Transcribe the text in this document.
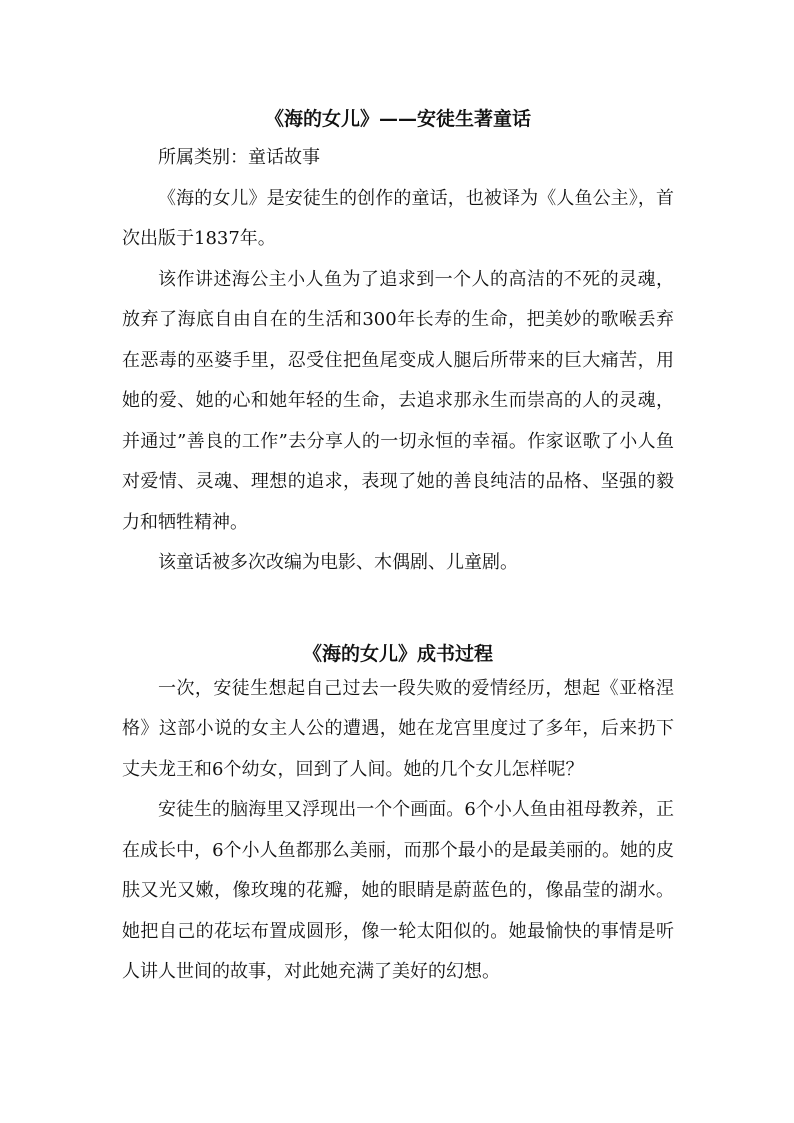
《海的女儿》——安徒生著童话

所属类别：童话故事

《海的女儿》是安徒生的创作的童话，也被译为《人鱼公主》，首次出版于1837年。

该作讲述海公主小人鱼为了追求到一个人的高洁的不死的灵魂，放弃了海底自由自在的生活和300年长寿的生命，把美妙的歌喉丢弃在恶毒的巫婆手里，忍受住把鱼尾变成人腿后所带来的巨大痛苦，用她的爱、她的心和她年轻的生命，去追求那永生而崇高的人的灵魂，并通过”善良的工作”去分享人的一切永恒的幸福。作家讴歌了小人鱼对爱情、灵魂、理想的追求，表现了她的善良纯洁的品格、坚强的毅力和牺牲精神。

该童话被多次改编为电影、木偶剧、儿童剧。

《海的女儿》成书过程

一次，安徒生想起自己过去一段失败的爱情经历，想起《亚格涅格》这部小说的女主人公的遭遇，她在龙宫里度过了多年，后来扔下丈夫龙王和6个幼女，回到了人间。她的几个女儿怎样呢？

安徒生的脑海里又浮现出一个个画面。6个小人鱼由祖母教养，正在成长中，6个小人鱼都那么美丽，而那个最小的是最美丽的。她的皮肤又光又嫩，像玫瑰的花瓣，她的眼睛是蔚蓝色的，像晶莹的湖水。她把自己的花坛布置成圆形，像一轮太阳似的。她最愉快的事情是听人讲人世间的故事，对此她充满了美好的幻想。
